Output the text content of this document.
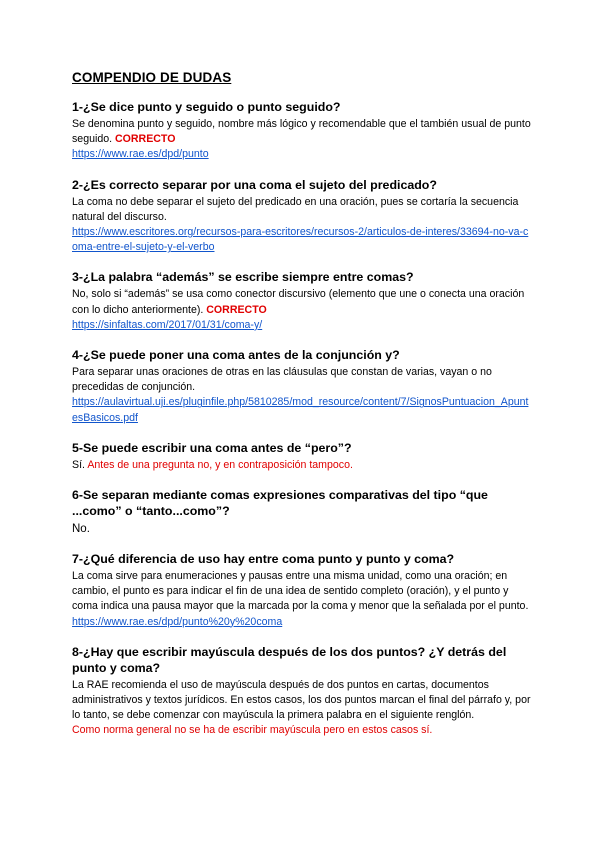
COMPENDIO DE DUDAS
1-¿Se dice punto y seguido o punto seguido?

Se denomina punto y seguido, nombre más lógico y recomendable que el también usual de punto seguido. CORRECTO

https://www.rae.es/dpd/punto
2-¿Es correcto separar por una coma el sujeto del predicado?

La coma no debe separar el sujeto del predicado en una oración, pues se cortaría la secuencia natural del discurso.

https://www.escritores.org/recursos-para-escritores/recursos-2/articulos-de-interes/33694-no-va-coma-entre-el-sujeto-y-el-verbo
3-¿La palabra “además” se escribe siempre entre comas?

No, solo si “además” se usa como conector discursivo (elemento que une o conecta una oración con lo dicho anteriormente). CORRECTO

https://sinfaltas.com/2017/01/31/coma-y/
4-¿Se puede poner una coma antes de la conjunción y?

Para separar unas oraciones de otras en las cláusulas que constan de varias, vayan o no precedidas de conjunción.

https://aulavirtual.uji.es/pluginfile.php/5810285/mod_resource/content/7/SignosPuntuacion_ApuntesBasicos.pdf
5-Se puede escribir una coma antes de “pero”?

Sí. Antes de una pregunta no, y en contraposición tampoco.

6-Se separan mediante comas expresiones comparativas del tipo “que ...como” o “tanto...como”?

No.

7-¿Qué diferencia de uso hay entre coma punto y punto y coma?

La coma sirve para enumeraciones y pausas entre una misma unidad, como una oración; en cambio, el punto es para indicar el fin de una idea de sentido completo (oración), y el punto y coma indica una pausa mayor que la marcada por la coma y menor que la señalada por el punto.

https://www.rae.es/dpd/punto%20y%20coma
8-¿Hay que escribir mayúscula después de los dos puntos? ¿Y detrás del punto y coma?

La RAE recomienda el uso de mayúscula después de dos puntos en cartas, documentos administrativos y textos jurídicos. En estos casos, los dos puntos marcan el final del párrafo y, por lo tanto, se debe comenzar con mayúscula la primera palabra en el siguiente renglón.

Como norma general no se ha de escribir mayúscula pero en estos casos sí.
